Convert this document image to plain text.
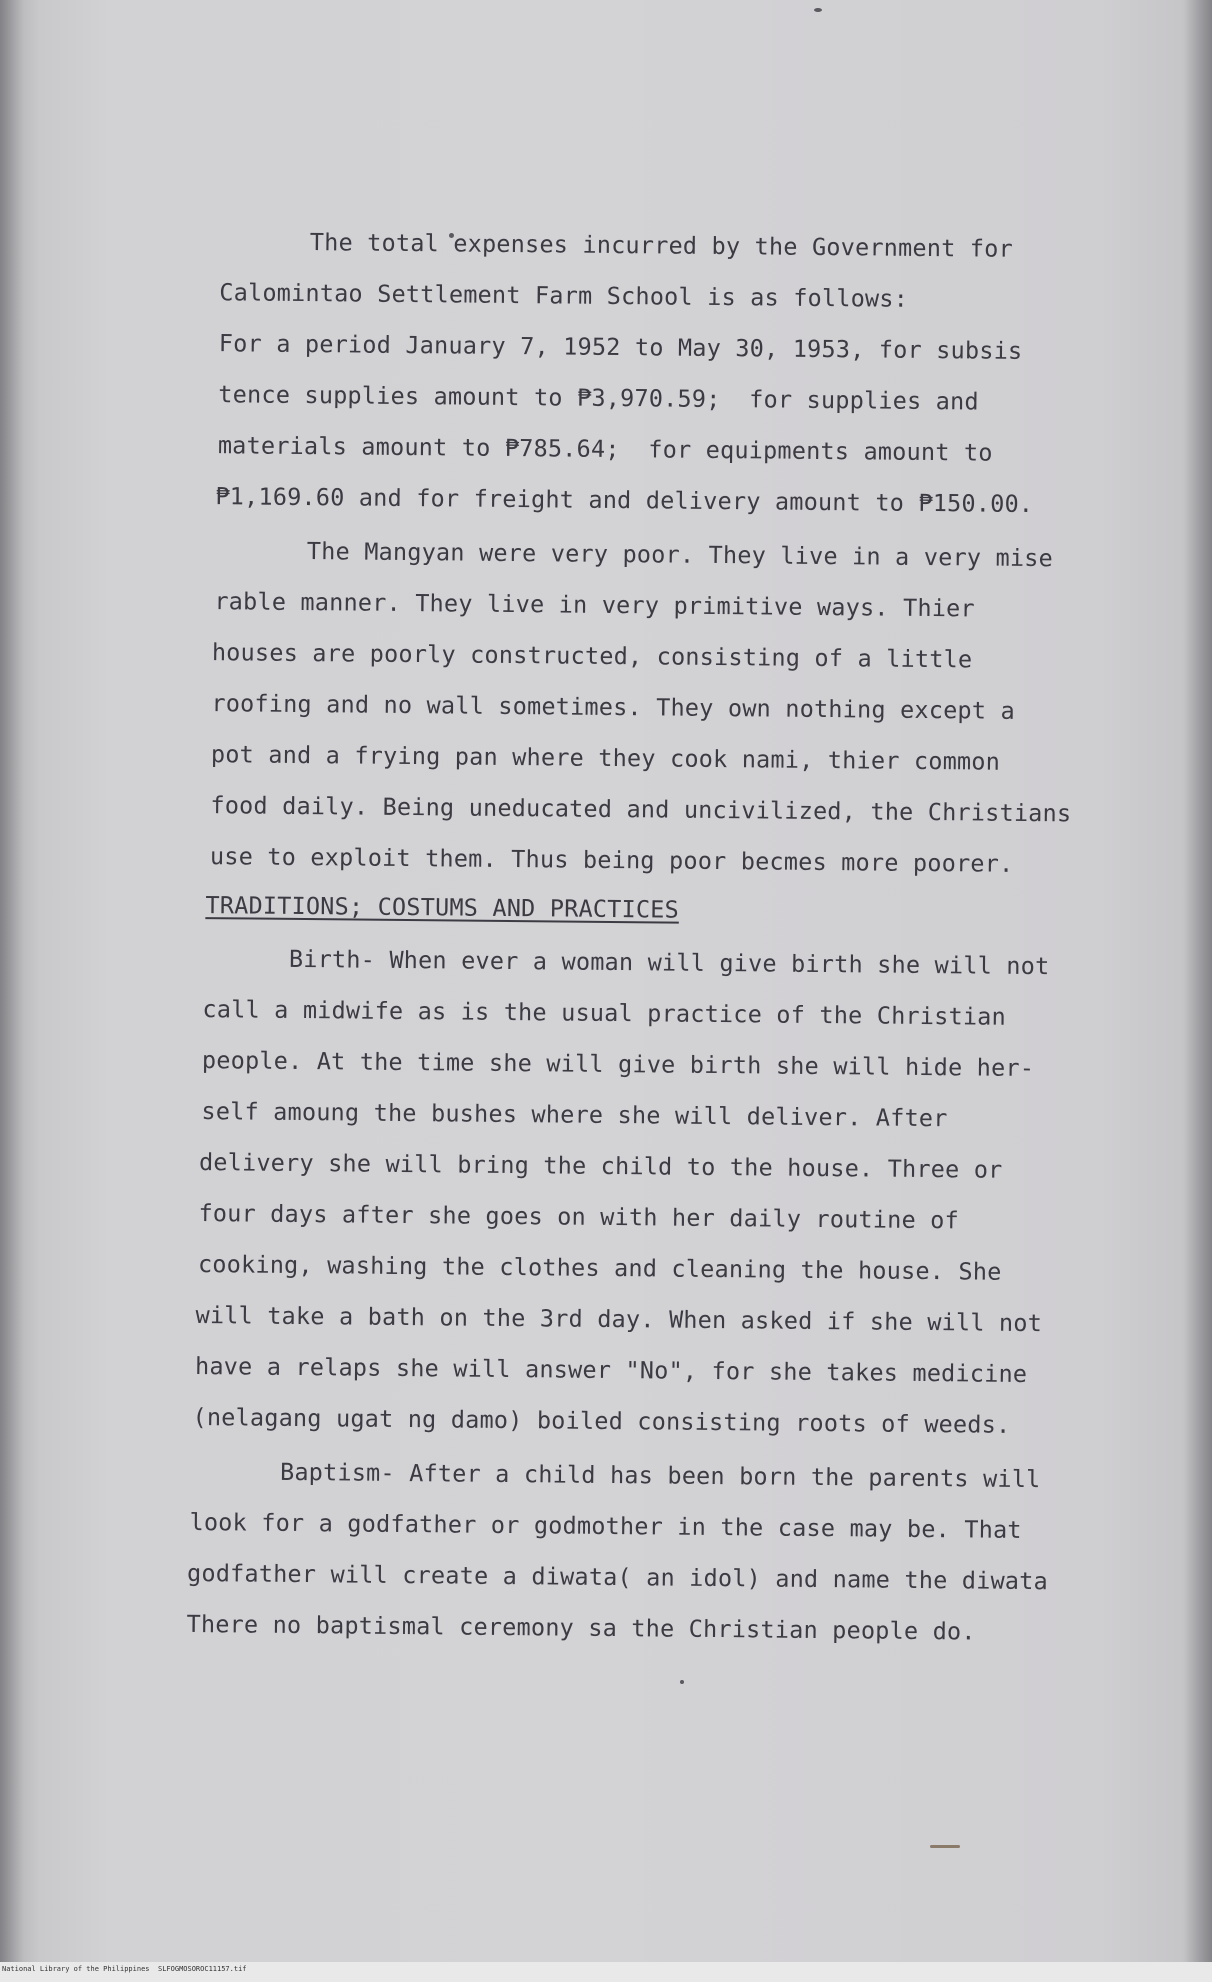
The total expenses incurred by the Government for
Calomintao Settlement Farm School is as follows:
For a period January 7, 1952 to May 30, 1953, for subsis
tence supplies amount to ₱3,970.59;  for supplies and
materials amount to ₱785.64;  for equipments amount to
₱1,169.60 and for freight and delivery amount to ₱150.00.
The Mangyan were very poor. They live in a very mise
rable manner. They live in very primitive ways. Thier
houses are poorly constructed, consisting of a little
roofing and no wall sometimes. They own nothing except a
pot and a frying pan where they cook nami, thier common
food daily. Being uneducated and uncivilized, the Christians
use to exploit them. Thus being poor becmes more poorer.
TRADITIONS; COSTUMS AND PRACTICES
Birth- When ever a woman will give birth she will not
call a midwife as is the usual practice of the Christian
people. At the time she will give birth she will hide her-
self amoung the bushes where she will deliver. After
delivery she will bring the child to the house. Three or
four days after she goes on with her daily routine of
cooking, washing the clothes and cleaning the house. She
will take a bath on the 3rd day. When asked if she will not
have a relaps she will answer "No", for she takes medicine
(nelagang ugat ng damo) boiled consisting roots of weeds.
Baptism- After a child has been born the parents will
look for a godfather or godmother in the case may be. That
godfather will create a diwata( an idol) and name the diwata
There no baptismal ceremony sa the Christian people do.
National Library of the Philippines SLFOGMOSOROC11157.tif
